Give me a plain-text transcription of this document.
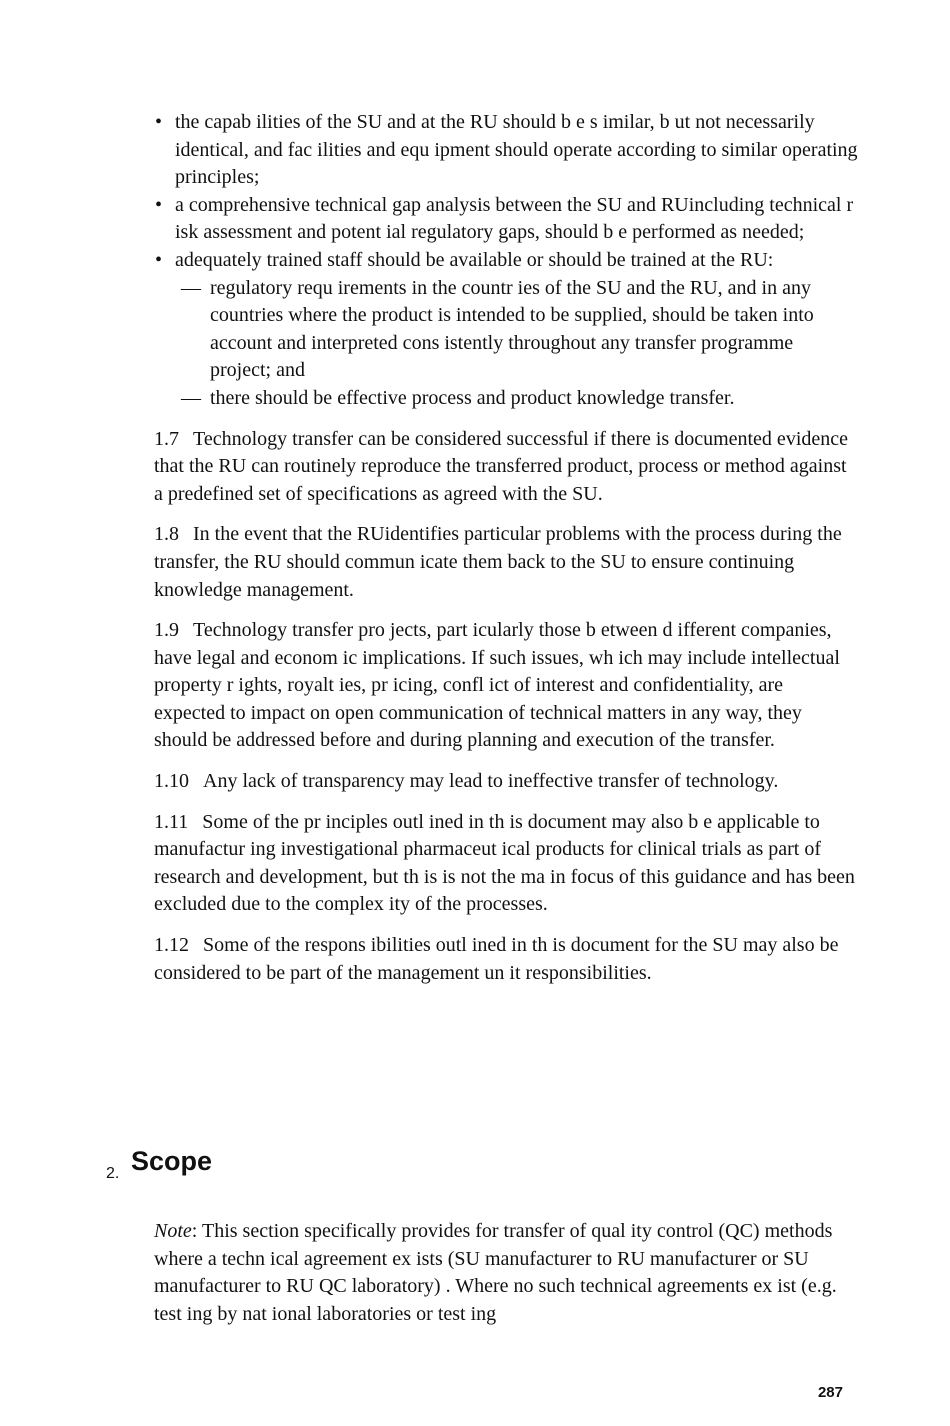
• the capab ilities of the SU and at the RU should b e s imilar, b ut not necessarily identical, and fac ilities and equ ipment should operate according to similar operating principles;
• a comprehensive technical gap analysis between the SU and RUincluding technical r isk assessment and potent ial regulatory gaps, should b e performed as needed;
• adequately trained staff should be available or should be trained at the RU:
— regulatory requ irements in the countr ies of the SU and the RU, and in any countries where the product is intended to be supplied, should be taken into account and interpreted cons istently throughout any transfer programme project; and
— there should be effective process and product knowledge transfer.

1.7 Technology transfer can be considered successful if there is documented evidence that the RU can routinely reproduce the transferred product, process or method against a predefined set of specifications as agreed with the SU.

1.8 In the event that the RUidentifies particular problems with the process during the transfer, the RU should commun icate them back to the SU to ensure continuing knowledge management.

1.9 Technology transfer pro jects, part icularly those b etween d ifferent companies, have legal and econom ic implications. If such issues, wh ich may include intellectual property r ights, royalt ies, pr icing, confl ict of interest and confidentiality, are expected to impact on open communication of technical matters in any way, they should be addressed before and during planning and execution of the transfer.

1.10 Any lack of transparency may lead to ineffective transfer of technology.

1.11 Some of the pr inciples outl ined in th is document may also b e applicable to manufactur ing investigational pharmaceut ical products for clinical trials as part of research and development, but th is is not the ma in focus of this guidance and has been excluded due to the complex ity of the processes.

1.12 Some of the respons ibilities outl ined in th is document for the SU may also be considered to be part of the management un it responsibilities.

2. Scope

Note: This section specifically provides for transfer of qual ity control (QC) methods where a techn ical agreement ex ists (SU manufacturer to RU manufacturer or SU manufacturer to RU QC laboratory) . Where no such technical agreements ex ist (e.g. test ing by nat ional laboratories or test ing

287
